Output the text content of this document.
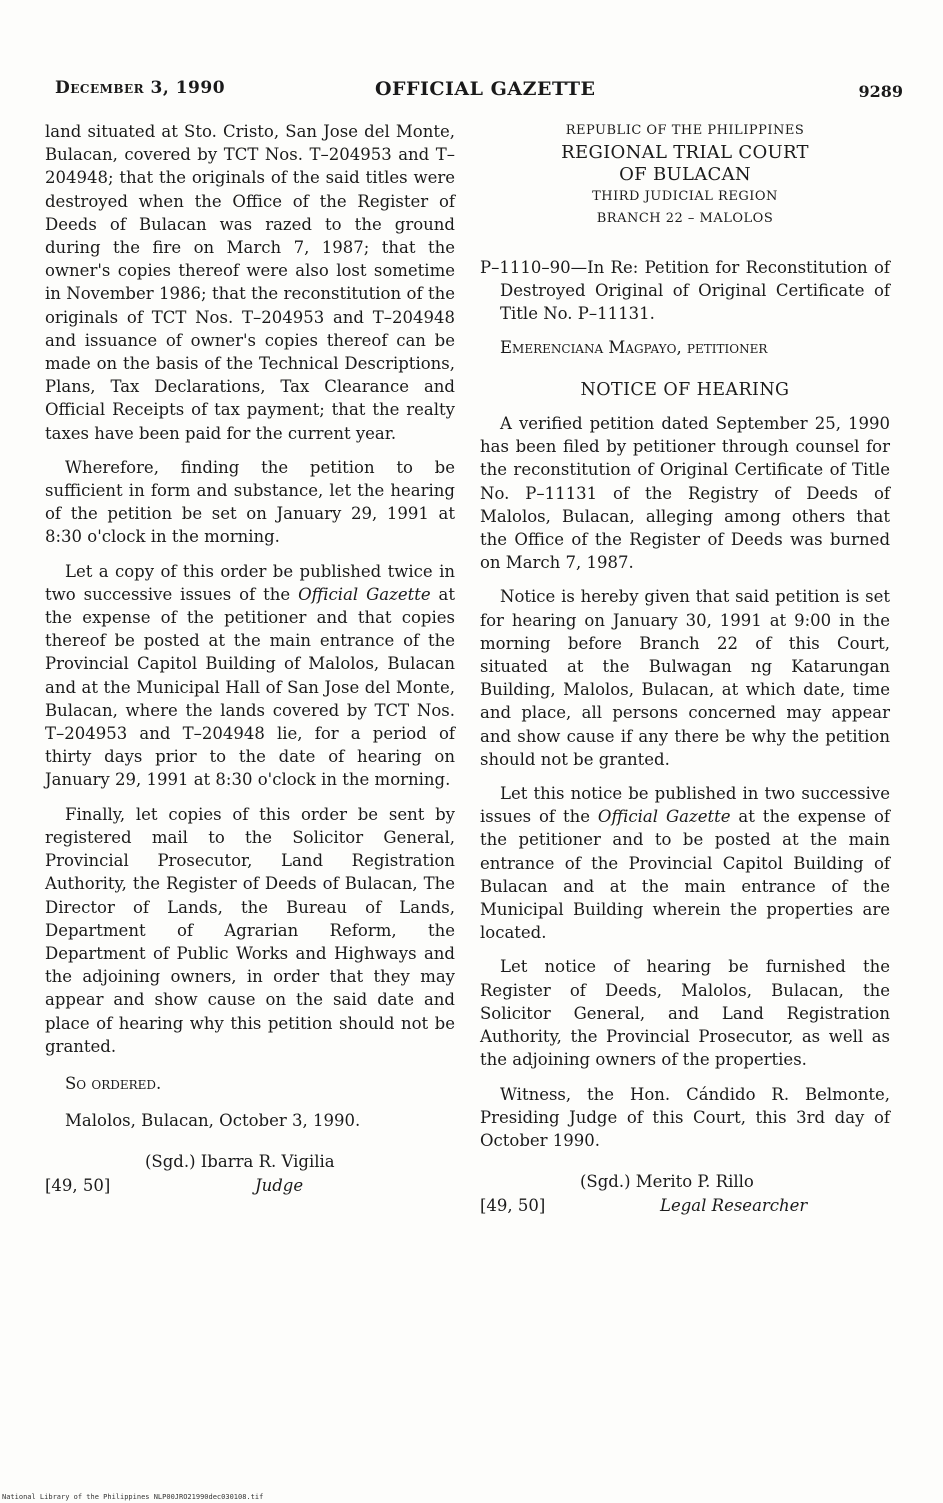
December 3, 1990	OFFICIAL GAZETTE	9289

land situated at Sto. Cristo, San Jose del Monte, Bulacan, covered by TCT Nos. T–204953 and T–204948; that the originals of the said titles were destroyed when the Office of the Register of Deeds of Bulacan was razed to the ground during the fire on March 7, 1987; that the owner's copies thereof were also lost sometime in November 1986; that the reconstitution of the originals of TCT Nos. T–204953 and T–204948 and issuance of owner's copies thereof can be made on the basis of the Technical Descriptions, Plans, Tax Declarations, Tax Clearance and Official Receipts of tax payment; that the realty taxes have been paid for the current year.

Wherefore, finding the petition to be sufficient in form and substance, let the hearing of the petition be set on January 29, 1991 at 8:30 o'clock in the morning.

Let a copy of this order be published twice in two successive issues of the Official Gazette at the expense of the petitioner and that copies thereof be posted at the main entrance of the Provincial Capitol Building of Malolos, Bulacan and at the Municipal Hall of San Jose del Monte, Bulacan, where the lands covered by TCT Nos. T–204953 and T–204948 lie, for a period of thirty days prior to the date of hearing on January 29, 1991 at 8:30 o'clock in the morning.

Finally, let copies of this order be sent by registered mail to the Solicitor General, Provincial Prosecutor, Land Registration Authority, the Register of Deeds of Bulacan, The Director of Lands, the Bureau of Lands, Department of Agrarian Reform, the Department of Public Works and Highways and the adjoining owners, in order that they may appear and show cause on the said date and place of hearing why this petition should not be granted.

So ordered.

Malolos, Bulacan, October 3, 1990.

(Sgd.) Ibarra R. Vigilia
[49, 50]	Judge
REPUBLIC OF THE PHILIPPINES
REGIONAL TRIAL COURT
OF BULACAN
THIRD JUDICIAL REGION
BRANCH 22 – MALOLOS

P–1110–90—In Re: Petition for Reconstitution of Destroyed Original of Original Certificate of Title No. P–11131.

Emerenciana Magpayo, petitioner

NOTICE OF HEARING

A verified petition dated September 25, 1990 has been filed by petitioner through counsel for the reconstitution of Original Certificate of Title No. P–11131 of the Registry of Deeds of Malolos, Bulacan, alleging among others that the Office of the Register of Deeds was burned on March 7, 1987.

Notice is hereby given that said petition is set for hearing on January 30, 1991 at 9:00 in the morning before Branch 22 of this Court, situated at the Bulwagan ng Katarungan Building, Malolos, Bulacan, at which date, time and place, all persons concerned may appear and show cause if any there be why the petition should not be granted.

Let this notice be published in two successive issues of the Official Gazette at the expense of the petitioner and to be posted at the main entrance of the Provincial Capitol Building of Bulacan and at the main entrance of the Municipal Building wherein the properties are located.

Let notice of hearing be furnished the Register of Deeds, Malolos, Bulacan, the Solicitor General, and Land Registration Authority, the Provincial Prosecutor, as well as the adjoining owners of the properties.

Witness, the Hon. Cándido R. Belmonte, Presiding Judge of this Court, this 3rd day of October 1990.

(Sgd.) Merito P. Rillo
[49, 50]	Legal Researcher
National Library of the Philippines NLP00JRO21990dec030108.tif
